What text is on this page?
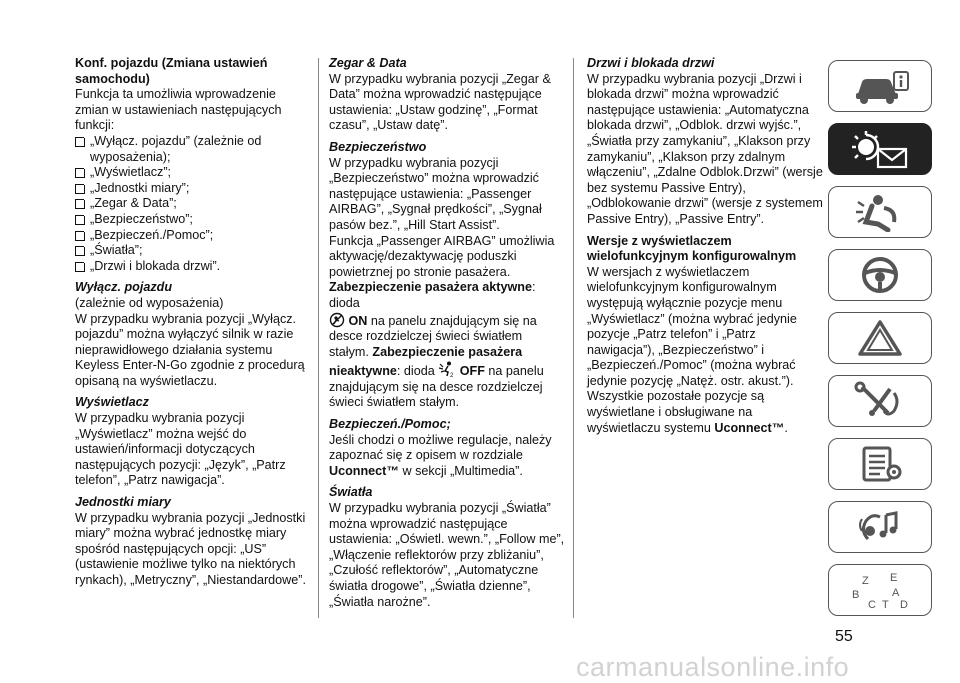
Konf. pojazdu (Zmiana ustawień samochodu)

Funkcja ta umożliwia wprowadzenie zmian w ustawieniach następujących funkcji:

„Wyłącz. pojazdu” (zależnie od wyposażenia);
„Wyświetlacz”;
„Jednostki miary”;
„Zegar & Data”;
„Bezpieczeństwo”;
„Bezpieczeń./Pomoc”;
„Światła”;
„Drzwi i blokada drzwi”.

Wyłącz. pojazdu

(zależnie od wyposażenia)

W przypadku wybrania pozycji „Wyłącz. pojazdu” można wyłączyć silnik w razie nieprawidłowego działania systemu Keyless Enter-N-Go zgodnie z procedurą opisaną na wyświetlaczu.

Wyświetlacz

W przypadku wybrania pozycji „Wyświetlacz” można wejść do ustawień/informacji dotyczących następujących pozycji: „Język”, „Patrz telefon”, „Patrz nawigacja”.

Jednostki miary

W przypadku wybrania pozycji „Jednostki miary” można wybrać jednostkę miary spośród następujących opcji: „US” (ustawienie możliwe tylko na niektórych rynkach), „Metryczny”, „Niestandardowe”.

Zegar & Data

W przypadku wybrania pozycji „Zegar & Data” można wprowadzić następujące ustawienia: „Ustaw godzinę”, „Format czasu”, „Ustaw datę”.

Bezpieczeństwo

W przypadku wybrania pozycji „Bezpieczeństwo” można wprowadzić następujące ustawienia: „Passenger AIRBAG”, „Sygnał prędkości”, „Sygnał pasów bez.”, „Hill Start Assist”.

Funkcja „Passenger AIRBAG” umożliwia aktywację/dezaktywację poduszki powietrznej po stronie pasażera.

Zabezpieczenie pasażera aktywne: dioda
ON na panelu znajdującym się na desce rozdzielczej świeci światłem stałym. Zabezpieczenie pasażera nieaktywne: dioda	2 OFF na panelu znajdującym się na desce rozdzielczej świeci światłem stałym.

Bezpieczeń./Pomoc;

Jeśli chodzi o możliwe regulacje, należy zapoznać się z opisem w rozdziale Uconnect™ w sekcji „Multimedia”.

Światła

W przypadku wybrania pozycji „Światła” można wprowadzić następujące ustawienia: „Oświetl. wewn.”, „Follow me”, „Włączenie reflektorów przy zbliżaniu”, „Czułość reflektorów”, „Automatyczne światła drogowe”, „Światła dzienne”, „Światła narożne”.

Drzwi i blokada drzwi

W przypadku wybrania pozycji „Drzwi i blokada drzwi” można wprowadzić następujące ustawienia: „Automatyczna blokada drzwi”, „Odblok. drzwi wyjśc.”, „Światła przy zamykaniu”, „Klakson przy zamykaniu”, „Klakson przy zdalnym włączeniu”, „Zdalne Odblok.Drzwi” (wersje bez systemu Passive Entry), „Odblokowanie drzwi” (wersje z systemem Passive Entry), „Passive Entry”.

Wersje z wyświetlaczem wielofunkcyjnym konfigurowalnym

W wersjach z wyświetlaczem wielofunkcyjnym konfigurowalnym występują wyłącznie pozycje menu „Wyświetlacz” (można wybrać jedynie pozycje „Patrz telefon” i „Patrz nawigacja”), „Bezpieczeństwo” i „Bezpieczeń./Pomoc” (można wybrać jedynie pozycję „Natęż. ostr. akust.”). Wszystkie pozostałe pozycje są wyświetlane i obsługiwane na wyświetlaczu systemu Uconnect™.

Z E
B
C T
A
D
55
carmanualsonline.info
